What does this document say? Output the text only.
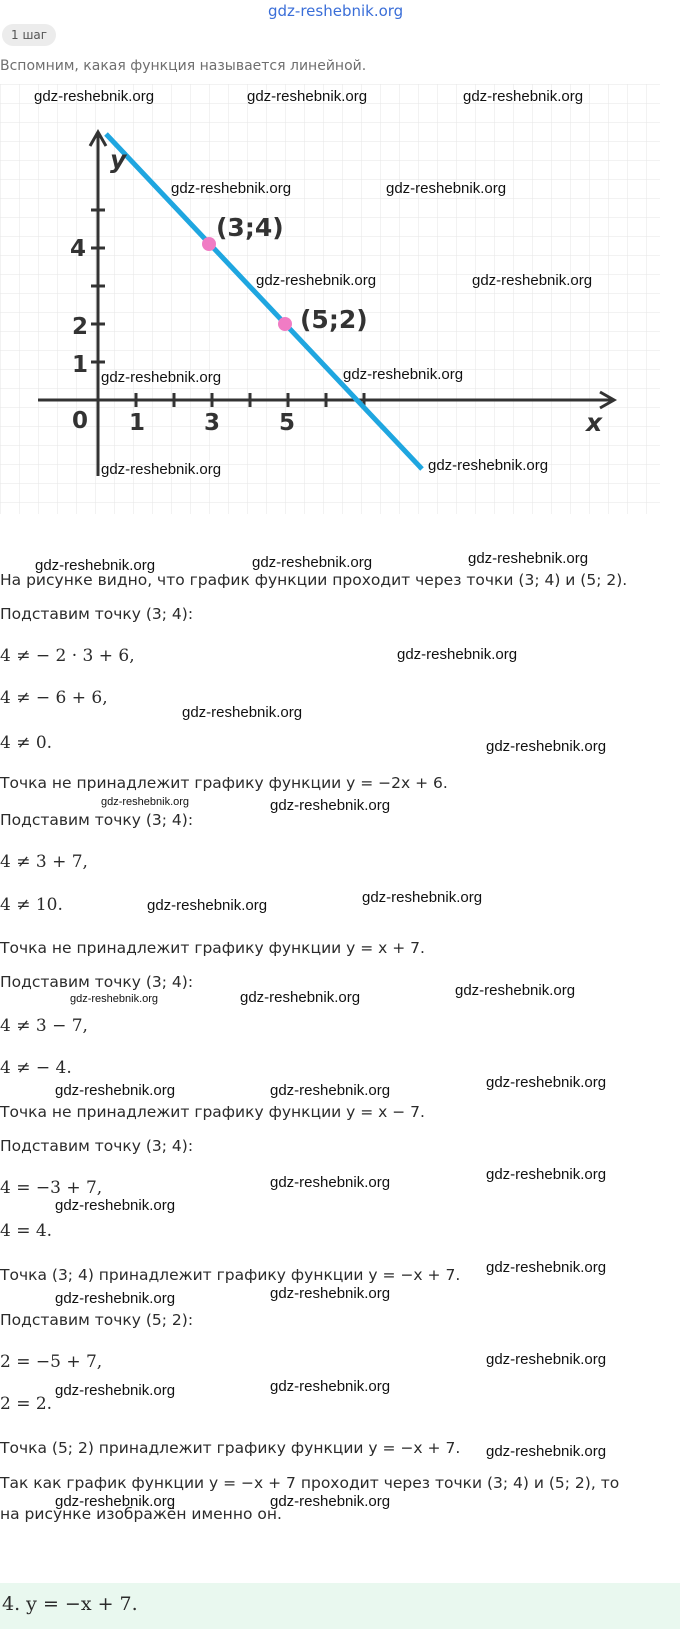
gdz-reshebnik.org
1 шаг
Вспомним, какая функция называется линейной.
x
y
0 1	3	5
1
2
4
(3;4)
(5;2)
На рисунке видно, что график функции проходит через точки (3; 4) и (5; 2).
Подставим точку (3; 4):
4 ≠ − 2 · 3 + 6,
4 ≠ − 6 + 6,
4 ≠ 0.
Точка не принадлежит графику функции y = −2x + 6.
Подставим точку (3; 4):
4 ≠ 3 + 7,
4 ≠ 10.
Точка не принадлежит графику функции y = x + 7.
Подставим точку (3; 4):
4 ≠ 3 − 7,
4 ≠ − 4.
Точка не принадлежит графику функции y = x − 7.
Подставим точку (3; 4):
4 = −3 + 7,
4 = 4.
Точка (3; 4) принадлежит графику функции y = −x + 7.
Подставим точку (5; 2):
2 = −5 + 7,
2 = 2.
Точка (5; 2) принадлежит графику функции y = −x + 7.
Так как график функции y = −x + 7 проходит через точки (3; 4) и (5; 2), то
на рисунке изображён именно он.
4. y = −x + 7.
gdz-reshebnik.org	gdz-reshebnik.org	gdz-reshebnik.org
gdz-reshebnik.org	gdz-reshebnik.org
gdz-reshebnik.org	gdz-reshebnik.org
gdz-reshebnik.org
gdz-reshebnik.org
gdz-reshebnik.org	gdz-reshebnik.org
gdz-reshebnik.org	gdz-reshebnik.org	gdz-reshebnik.org
gdz-reshebnik.org
gdz-reshebnik.org
gdz-reshebnik.org
gdz-reshebnik.org	gdz-reshebnik.org
gdz-reshebnik.org	gdz-reshebnik.org
gdz-reshebnik.org	gdz-reshebnik.org	gdz-reshebnik.org
gdz-reshebnik.org	gdz-reshebnik.org	gdz-reshebnik.org
gdz-reshebnik.org
gdz-reshebnik.org
gdz-reshebnik.org
gdz-reshebnik.org
gdz-reshebnik.org	gdz-reshebnik.org
gdz-reshebnik.org
gdz-reshebnik.org	gdz-reshebnik.org
gdz-reshebnik.org
gdz-reshebnik.org	gdz-reshebnik.org
